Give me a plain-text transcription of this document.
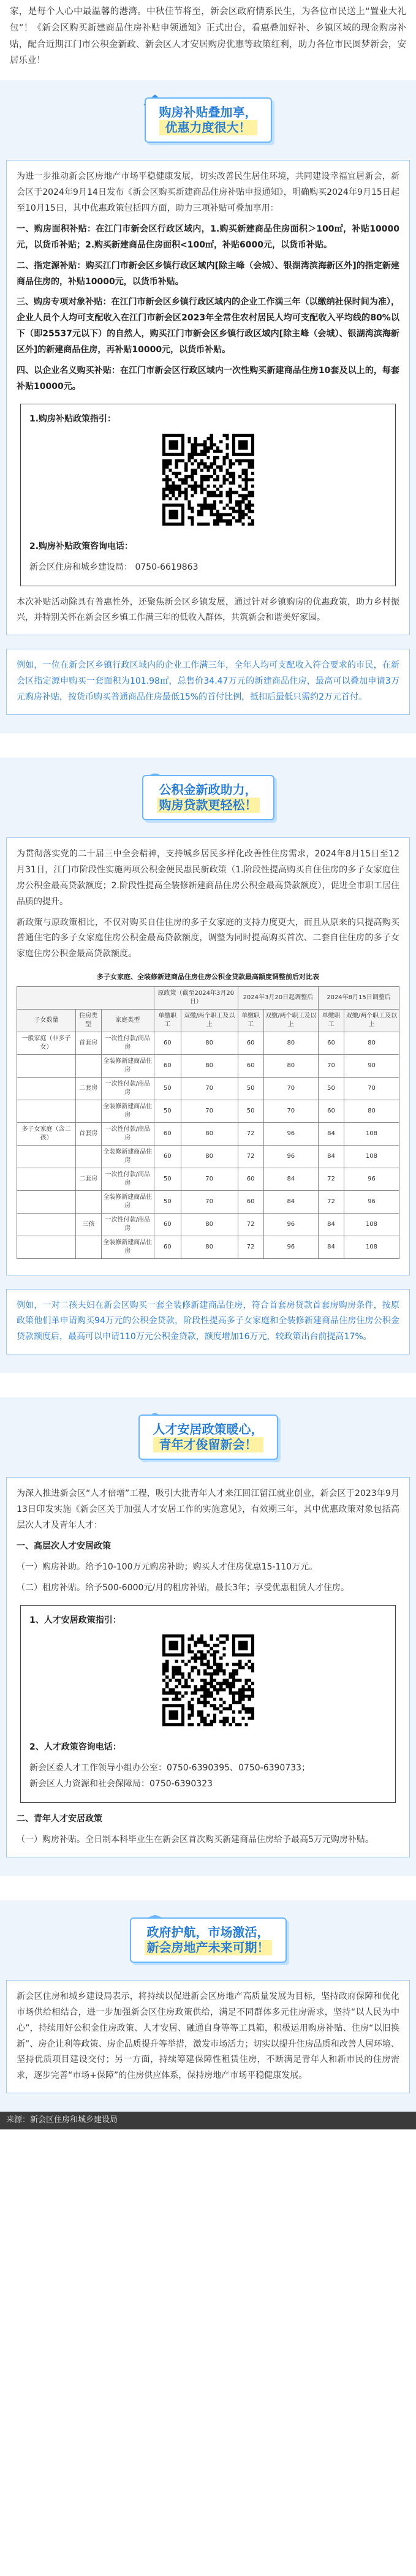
家，是每个人心中最温馨的港湾。中秋佳节将至，新会区政府情系民生，为各位市民送上“置业大礼包”！《新会区购买新建商品住房补贴申领通知》正式出台，看惠叠加好补、乡镇区域的现金购房补贴，配合近期江门市公积金新政、新会区人才安居购房优惠等政策红利，助力各位市民圆梦新会，安居乐业！
购房补贴叠加享，
优惠力度很大！

为进一步推动新会区房地产市场平稳健康发展，切实改善民生居住环境，共同建设幸福宜居新会，新会区于2024年9月14日发布《新会区购买新建商品住房补贴申报通知》，明确购买2024年9月15日起至10月15日，其中优惠政策包括四方面，助力三项补贴可叠加享用：

一、购房面积补贴：在江门市新会区行政区域内，1.购买新建商品住房面积＞100㎡，补贴10000元，以货币补贴；2.购买新建商品住房面积<100㎡，补贴6000元，以货币补贴。

二、指定源补贴：购买江门市新会区乡镇行政区域内[除主峰（会城）、银湖湾滨海新区外]的指定新建商品住房的，补贴10000元，以货币补贴。

三、购房专项对象补贴：在江门市新会区乡镇行政区域内的企业工作满三年（以缴纳社保时间为准），企业人员个人均可支配收入在江门市新会区2023年全常住农村居民人均可支配收入平均线的80%以下（即25537元以下）的自然人，购买江门市新会区乡镇行政区域内[除主峰（会城）、银湖湾滨海新区外]的新建商品住房，再补贴10000元，以货币补贴。

四、以企业名义购买补贴：在江门市新会区行政区域内一次性购买新建商品住房10套及以上的，每套补贴10000元。

1.购房补贴政策指引：
2.购房补贴政策咨询电话：
新会区住房和城乡建设局： 0750-6619863

本次补贴活动除具有普惠性外，还聚焦新会区乡镇发展，通过针对乡镇购房的优惠政策，助力乡村振兴，并特别关怀在新会区乡镇工作满三年的低收入群体，共筑新会和谐美好家园。

例如，一位在新会区乡镇行政区域内的企业工作满三年，全年人均可支配收入符合要求的市民，在新会区指定源申购买一套面积为101.98㎡，总售价34.47万元的新建商品住房，最高可以叠加申请3万元购房补贴，按货币购买普通商品住房最低15%的首付比例，抵扣后最低只需约2万元首付。

公积金新政助力，
购房贷款更轻松！

为贯彻落实党的二十届三中全会精神，支持城乡居民多样化改善性住房需求，2024年8月15日至12月31日，江门市阶段性实施两项公积金便民惠民新政策（1.阶段性提高购买自住住房的多子女家庭住房公积金最高贷款额度；2.阶段性提高全装修新建商品住房公积金最高贷款额度），促进全市职工居住品质的提升。

新政策与原政策相比，不仅对购买自住住房的多子女家庭的支持力度更大，而且从原来的只提高购买普通住宅的多子女家庭住房公积金最高贷款额度，调整为同时提高购买首次、二套自住住房的多子女家庭住房公积金最高贷款额度。

多子女家庭、全装修新建商品住房住房公积金贷款最高额度调整前后对比表
			原政策（截至2024年3月20日）		2024年3月20日起调整后		2024年8月15日调整后	
子女数量	住房类型	家庭类型	单缴职工	双缴/两个职工及以上	单缴职工	双缴/两个职工及以上	单缴职工	双缴/两个职工及以上
一般家庭（非多子女）	首套房	一次性付款/商品房	60	80	60	80	60	80
		全装修新建商品住房	60	80	60	80	70	90
	二套房	一次性付款/商品房	50	70	50	70	50	70
		全装修新建商品住房	50	70	50	70	60	80
多子女家庭（含二孩）	首套房	一次性付款/商品房	60	80	72	96	84	108
		全装修新建商品住房	60	80	72	96	84	108
	二套房	一次性付款/商品房	50	70	60	84	72	96
		全装修新建商品住房	50	70	60	84	72	96
	三孩	一次性付款/商品房	60	80	72	96	84	108
		全装修新建商品住房	60	80	72	96	84	108

例如，一对二孩夫妇在新会区购买一套全装修新建商品住房，符合首套房贷款首套房购房条件，按原政策他们单申请购买94万元的公积金贷款，阶段性提高多子女家庭和全装修新建商品住房住房公积金贷款额度后，最高可以申请110万元公积金贷款，额度增加16万元，较政策出台前提高17%。

人才安居政策暖心，
青年才俊留新会！

为深入推进新会区“人才倍增”工程，吸引大批青年人才来江回江留江就业创业，新会区于2023年9月13日印发实施《新会区关于加强人才安居工作的实施意见》，有效期三年，其中优惠政策对象包括高层次人才及青年人才：

一、高层次人才安居政策

（一）购房补助。给予10-100万元购房补助；购买人才住房优惠15-110万元。

（二）租房补贴。给予500-6000元/月的租房补贴，最长3年；享受优惠租赁人才住房。

1、人才安居政策指引：
2、人才政策咨询电话：
新会区委人才工作领导小组办公室：0750-6390395、0750-6390733；
新会区人力资源和社会保障局：0750-6390323

二、青年人才安居政策

（一）购房补贴。全日制本科毕业生在新会区首次购买新建商品住房给予最高5万元购房补贴。

政府护航，市场激活，
新会房地产未来可期！

新会区住房和城乡建设局表示，将持续以促进新会区房地产高质量发展为目标，坚持政府保障和优化市场供给相结合，进一步加强新会区住房政策供给，满足不同群体多元住房需求，坚持“以人民为中心”，持续用好公积金住房政策、人才安居、融通自身等等工具箱，积极运用购房补贴、住房“以旧换新”、房企让利等政策、房企品质提升等举措，激发市场活力；切实以提升住房品质和改善人居环境、坚持优质项目建设交付；另一方面，持续筹建保障性租赁住房，不断满足青年人和新市民的住房需求，逐步完善“市场+保障”的住房供应体系，保持房地产市场平稳健康发展。

来源：新会区住房和城乡建设局
